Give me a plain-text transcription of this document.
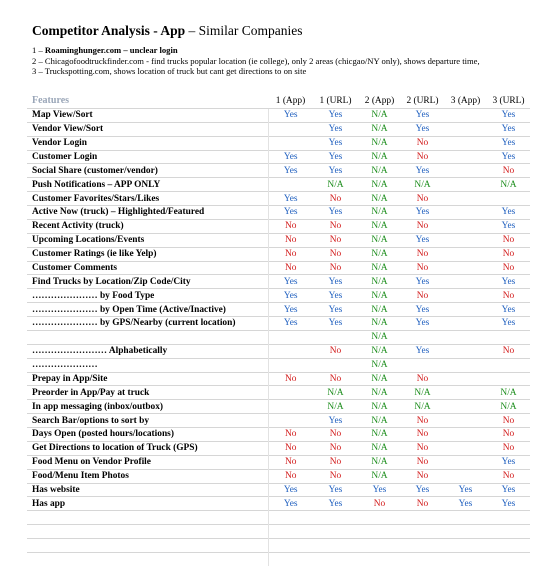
Competitor Analysis - App – Similar Companies
1 – Roaminghunger.com – unclear login
2 – Chicagofoodtruckfinder.com - find trucks popular location (ie college), only 2 areas (chicgao/NY only), shows departure time,
3 – Truckspotting.com, shows location of truck but cant get directions to on site
Features	1 (App)	1 (URL)	2 (App)	2 (URL)	3 (App)	3 (URL)
Map View/Sort	Yes	Yes	N/A	Yes		Yes
Vendor View/Sort		Yes	N/A	Yes		Yes
Vendor Login		Yes	N/A	No		Yes
Customer Login	Yes	Yes	N/A	No		Yes
Social Share (customer/vendor)	Yes	Yes	N/A	Yes		No
Push Notifications – APP ONLY		N/A	N/A	N/A		N/A
Customer Favorites/Stars/Likes	Yes	No	N/A	No		
Active Now (truck) – Highlighted/Featured	Yes	Yes	N/A	Yes		Yes
Recent Activity (truck)	No	No	N/A	No		Yes
Upcoming Locations/Events	No	No	N/A	Yes		No
Customer Ratings (ie like Yelp)	No	No	N/A	No		No
Customer Comments	No	No	N/A	No		No
Find Trucks by Location/Zip Code/City	Yes	Yes	N/A	Yes		Yes
………………… by Food Type	Yes	Yes	N/A	No		No
………………… by Open Time (Active/Inactive)	Yes	Yes	N/A	Yes		Yes
………………… by GPS/Nearby (current location)	Yes	Yes	N/A	Yes		Yes
			N/A			
…………………… Alphabetically		No	N/A	Yes		No
…………………			N/A			
Prepay in App/Site	No	No	N/A	No		
Preorder in App/Pay at truck		N/A	N/A	N/A		N/A
In app messaging (inbox/outbox)		N/A	N/A	N/A		N/A
Search Bar/options to sort by		Yes	N/A	No		No
Days Open (posted hours/locations)	No	No	N/A	No		No
Get Directions to location of Truck (GPS)	No	No	N/A	No		No
Food Menu on Vendor Profile	No	No	N/A	No		Yes
Food/Menu Item Photos	No	No	N/A	No		No
Has website	Yes	Yes	Yes	Yes	Yes	Yes
Has app	Yes	Yes	No	No	Yes	Yes
